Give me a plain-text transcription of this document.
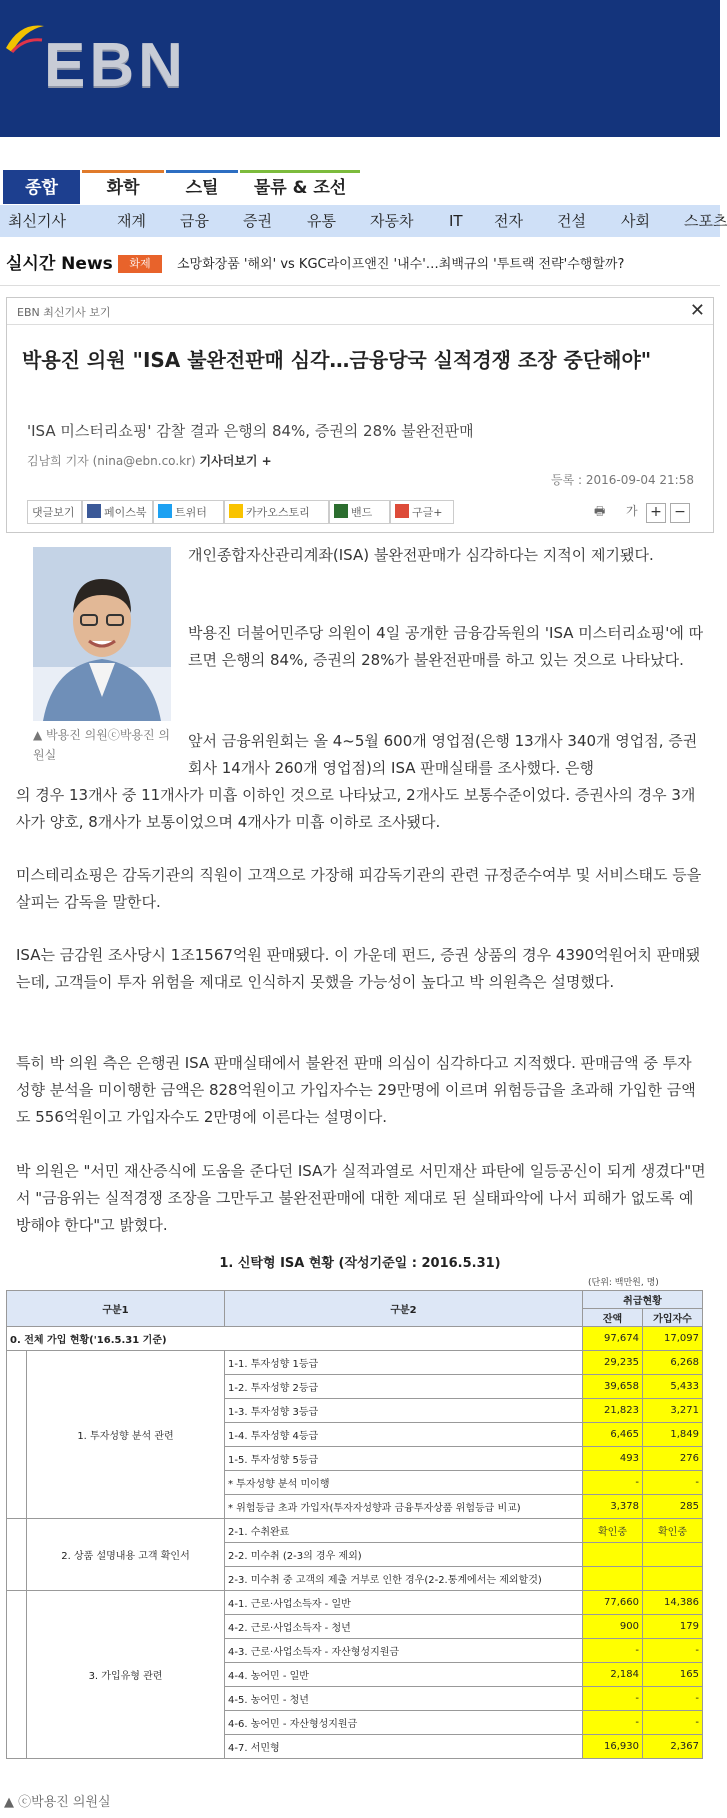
EBN
종합	화학	스틸	물류 & 조선
최신기사	재계 금융 증권 유통 자동차 IT 전자 건설 사회 스포츠
실시간 News	화제	소망화장품 '해외' vs KGC라이프앤진 '내수'…최백규의 '투트랙 전략'수행할까?
EBN 최신기사 보기	✕
박용진 의원 "ISA 불완전판매 심각…금융당국 실적경쟁 조장 중단해야"
'ISA 미스터리쇼핑' 감찰 결과 은행의 84%, 증권의 28% 불완전판매
김남희 기자 (nina@ebn.co.kr) 기사더보기 +
등록 : 2016-09-04 21:58
댓글보기	페이스북	트위터	카카오스토리	밴드	구글+	🖶 가 + −
▲ 박용진 의원ⓒ박용진 의원실
개인종합자산관리계좌(ISA) 불완전판매가 심각하다는 지적이 제기됐다.
박용진 더불어민주당 의원이 4일 공개한 금융감독원의 'ISA 미스터리쇼핑'에 따르면 은행의 84%, 증권의 28%가 불완전판매를 하고 있는 것으로 나타났다.
앞서 금융위원회는 올 4~5월 600개 영업점(은행 13개사 340개 영업점, 증권회사 14개사 260개 영업점)의 ISA 판매실태를 조사했다. 은행
의 경우 13개사 중 11개사가 미흡 이하인 것으로 나타났고, 2개사도 보통수준이었다. 증권사의 경우 3개사가 양호, 8개사가 보통이었으며 4개사가 미흡 이하로 조사됐다.
미스테리쇼핑은 감독기관의 직원이 고객으로 가장해 피감독기관의 관련 규정준수여부 및 서비스태도 등을 살피는 감독을 말한다.
ISA는 금감원 조사당시 1조1567억원 판매됐다. 이 가운데 펀드, 증권 상품의 경우 4390억원어치 판매됐는데, 고객들이 투자 위험을 제대로 인식하지 못했을 가능성이 높다고 박 의원측은 설명했다.
특히 박 의원 측은 은행권 ISA 판매실태에서 불완전 판매 의심이 심각하다고 지적했다. 판매금액 중 투자성향 분석을 미이행한 금액은 828억원이고 가입자수는 29만명에 이르며 위험등급을 초과해 가입한 금액도 556억원이고 가입자수도 2만명에 이른다는 설명이다.
박 의원은 "서민 재산증식에 도움을 준다던 ISA가 실적과열로 서민재산 파탄에 일등공신이 되게 생겼다"면서 "금융위는 실적경쟁 조장을 그만두고 불완전판매에 대한 제대로 된 실태파악에 나서 피해가 없도록 예방해야 한다"고 밝혔다.
1. 신탁형 ISA 현황 (작성기준일 : 2016.5.31)
(단위: 백만원, 명)
구분1		구분2	취급현황	
			잔액	가입자수
0. 전체 가입 현황('16.5.31 기준)			97,674	17,097
	1. 투자성향 분석 관련	1-1. 투자성향 1등급	29,235	6,268
		1-2. 투자성향 2등급	39,658	5,433
		1-3. 투자성향 3등급	21,823	3,271
		1-4. 투자성향 4등급	6,465	1,849
		1-5. 투자성향 5등급	493	276
		* 투자성향 분석 미이행	-	-
		* 위험등급 초과 가입자(투자자성향과 금융투자상품 위험등급 비교)	3,378	285
	2. 상품 설명내용 고객 확인서	2-1. 수취완료	확인중	확인중
		2-2. 미수취 (2-3의 경우 제외)		
		2-3. 미수취 중 고객의 제출 거부로 인한 경우(2-2.통계에서는 제외할것)		
	3. 가입유형 관련	4-1. 근로·사업소득자 - 일반	77,660	14,386
		4-2. 근로·사업소득자 - 청년	900	179
		4-3. 근로·사업소득자 - 자산형성지원금	-	-
		4-4. 농어민 - 일반	2,184	165
		4-5. 농어민 - 청년	-	-
		4-6. 농어민 - 자산형성지원금	-	-
		4-7. 서민형	16,930	2,367
▲ ⓒ박용진 의원실
